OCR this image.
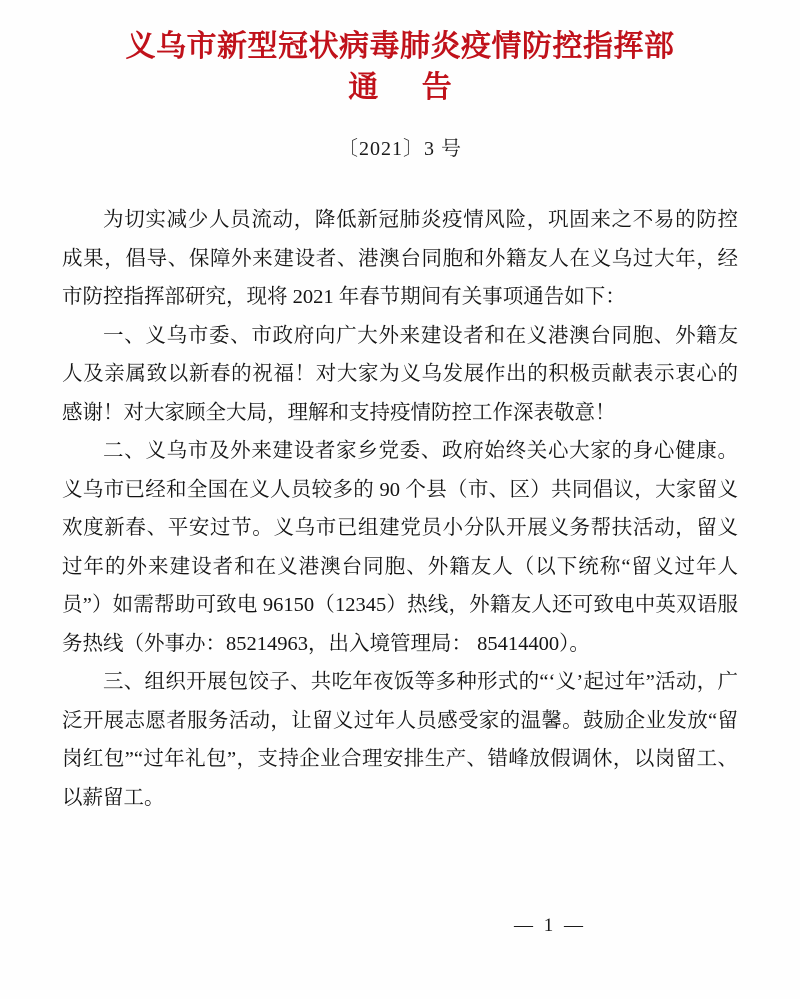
义乌市新型冠状病毒肺炎疫情防控指挥部
通 告
〔2021〕3 号

为切实减少人员流动，降低新冠肺炎疫情风险，巩固来之不易的防控成果，倡导、保障外来建设者、港澳台同胞和外籍友人在义乌过大年，经市防控指挥部研究，现将 2021 年春节期间有关事项通告如下：

一、义乌市委、市政府向广大外来建设者和在义港澳台同胞、外籍友人及亲属致以新春的祝福！对大家为义乌发展作出的积极贡献表示衷心的感谢！对大家顾全大局，理解和支持疫情防控工作深表敬意！

二、义乌市及外来建设者家乡党委、政府始终关心大家的身心健康。义乌市已经和全国在义人员较多的 90 个县（市、区）共同倡议，大家留义欢度新春、平安过节。义乌市已组建党员小分队开展义务帮扶活动，留义过年的外来建设者和在义港澳台同胞、外籍友人（以下统称“留义过年人员”）如需帮助可致电 96150（12345）热线，外籍友人还可致电中英双语服务热线（外事办：85214963，出入境管理局： 85414400）。

三、组织开展包饺子、共吃年夜饭等多种形式的“‘义’起过年”活动，广泛开展志愿者服务活动，让留义过年人员感受家的温馨。鼓励企业发放“留岗红包”“过年礼包”，支持企业合理安排生产、错峰放假调休，以岗留工、以薪留工。

— 1 —
